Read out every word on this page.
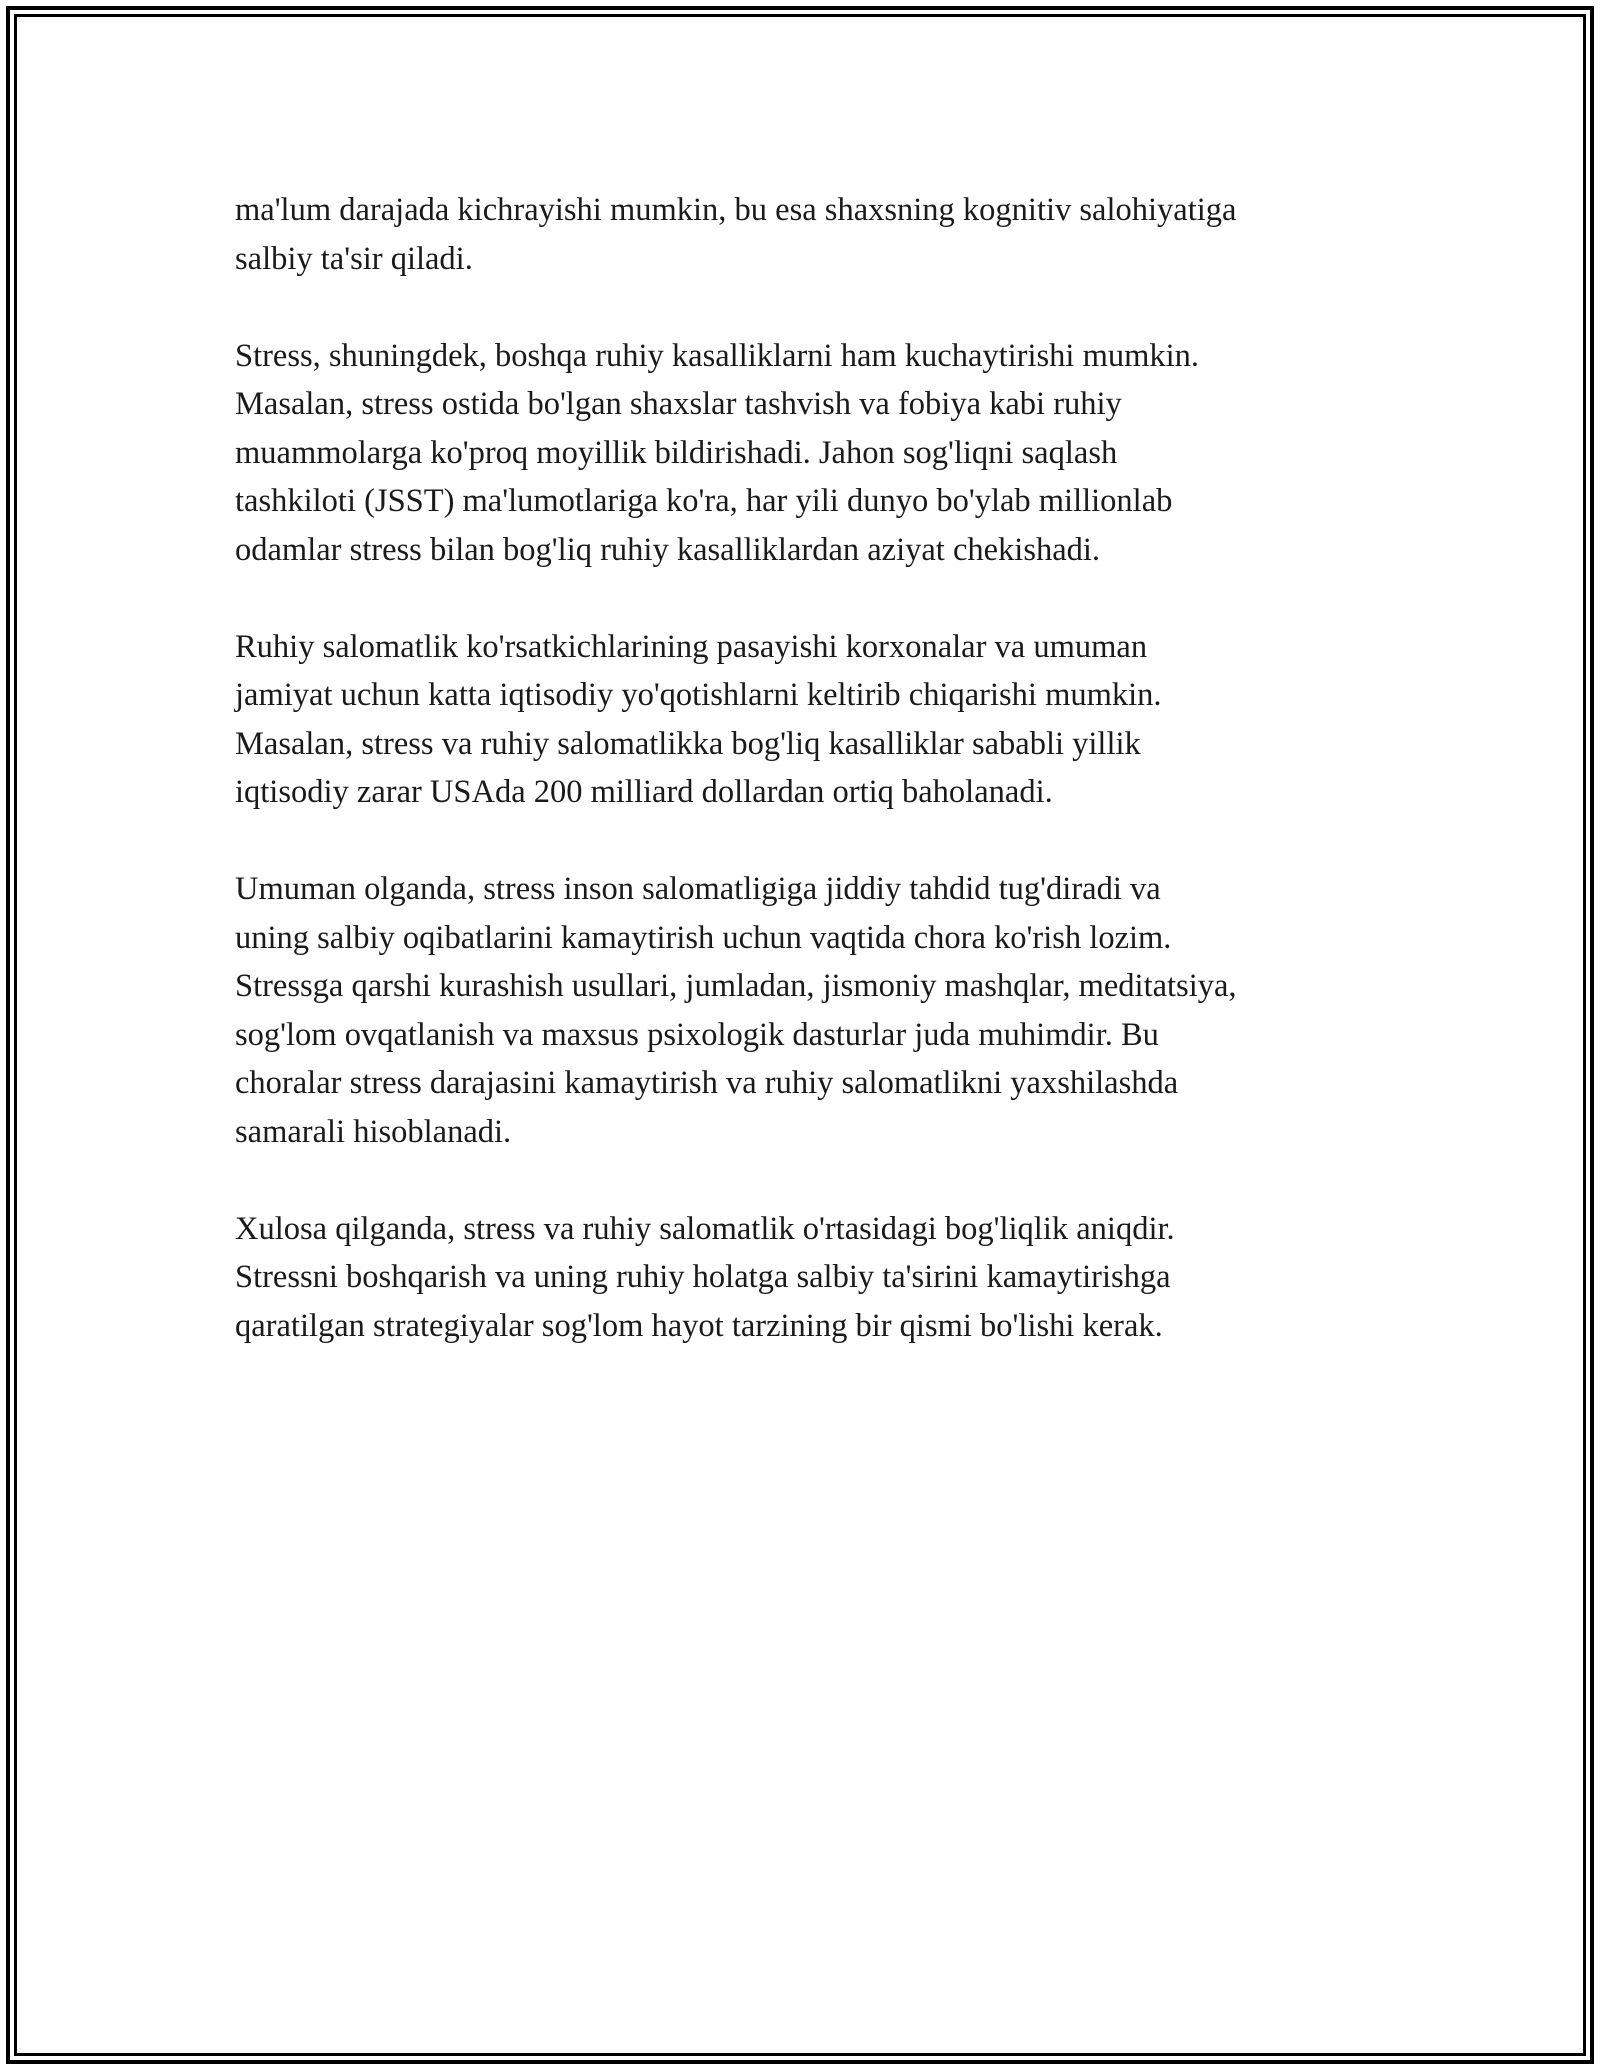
ma'lum darajada kichrayishi mumkin, bu esa shaxsning kognitiv salohiyatiga
salbiy ta'sir qiladi.

Stress, shuningdek, boshqa ruhiy kasalliklarni ham kuchaytirishi mumkin.
Masalan, stress ostida bo'lgan shaxslar tashvish va fobiya kabi ruhiy
muammolarga ko'proq moyillik bildirishadi. Jahon sog'liqni saqlash
tashkiloti (JSST) ma'lumotlariga ko'ra, har yili dunyo bo'ylab millionlab
odamlar stress bilan bog'liq ruhiy kasalliklardan aziyat chekishadi.

Ruhiy salomatlik ko'rsatkichlarining pasayishi korxonalar va umuman
jamiyat uchun katta iqtisodiy yo'qotishlarni keltirib chiqarishi mumkin.
Masalan, stress va ruhiy salomatlikka bog'liq kasalliklar sababli yillik
iqtisodiy zarar USAda 200 milliard dollardan ortiq baholanadi.

Umuman olganda, stress inson salomatligiga jiddiy tahdid tug'diradi va
uning salbiy oqibatlarini kamaytirish uchun vaqtida chora ko'rish lozim.
Stressga qarshi kurashish usullari, jumladan, jismoniy mashqlar, meditatsiya,
sog'lom ovqatlanish va maxsus psixologik dasturlar juda muhimdir. Bu
choralar stress darajasini kamaytirish va ruhiy salomatlikni yaxshilashda
samarali hisoblanadi.

Xulosa qilganda, stress va ruhiy salomatlik o'rtasidagi bog'liqlik aniqdir.
Stressni boshqarish va uning ruhiy holatga salbiy ta'sirini kamaytirishga
qaratilgan strategiyalar sog'lom hayot tarzining bir qismi bo'lishi kerak.
